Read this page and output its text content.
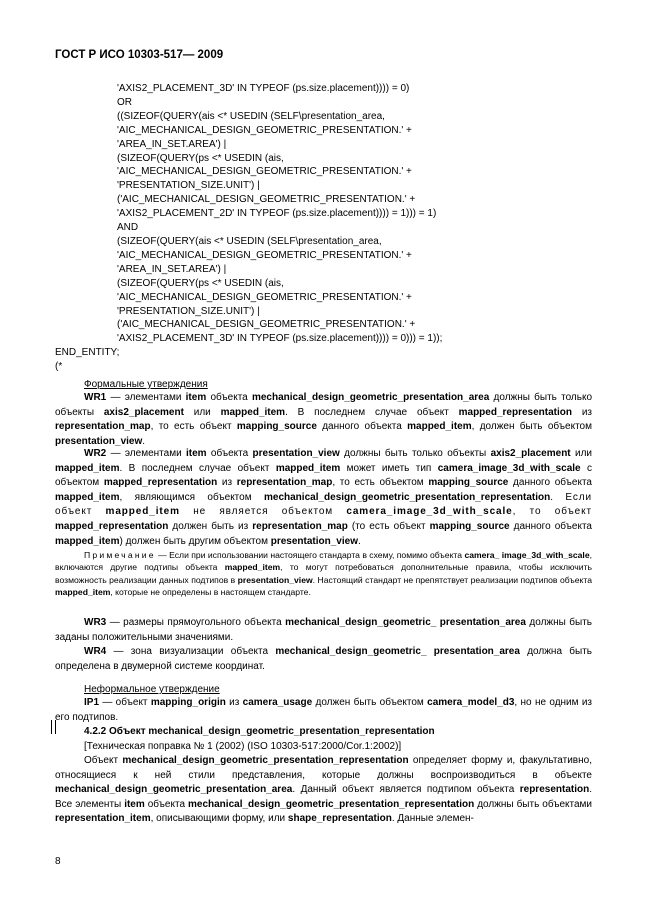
ГОСТ Р ИСО 10303-517— 2009
'AXIS2_PLACEMENT_3D' IN TYPEOF (ps.size.placement)))) = 0)
OR
((SIZEOF(QUERY(ais <* USEDIN (SELF\presentation_area,
'AIC_MECHANICAL_DESIGN_GEOMETRIC_PRESENTATION.' +
'AREA_IN_SET.AREA') |
(SIZEOF(QUERY(ps <* USEDIN (ais,
'AIC_MECHANICAL_DESIGN_GEOMETRIC_PRESENTATION.' +
'PRESENTATION_SIZE.UNIT') |
('AIC_MECHANICAL_DESIGN_GEOMETRIC_PRESENTATION.' +
'AXIS2_PLACEMENT_2D' IN TYPEOF (ps.size.placement)))) = 1))) = 1)
AND
(SIZEOF(QUERY(ais <* USEDIN (SELF\presentation_area,
'AIC_MECHANICAL_DESIGN_GEOMETRIC_PRESENTATION.' +
'AREA_IN_SET.AREA') |
(SIZEOF(QUERY(ps <* USEDIN (ais,
'AIC_MECHANICAL_DESIGN_GEOMETRIC_PRESENTATION.' +
'PRESENTATION_SIZE.UNIT') |
('AIC_MECHANICAL_DESIGN_GEOMETRIC_PRESENTATION.' +
'AXIS2_PLACEMENT_3D' IN TYPEOF (ps.size.placement)))) = 0))) = 1));
END_ENTITY;
(*
Формальные утверждения

WR1 — элементами item объекта mechanical_design_geometric_presentation_area должны быть только объекты axis2_placement или mapped_item. В последнем случае объект mapped_representation из representation_map, то есть объект mapping_source данного объекта mapped_item, должен быть объектом presentation_view.

WR2 — элементами item объекта presentation_view должны быть только объекты axis2_placement или mapped_item. В последнем случае объект mapped_item может иметь тип camera_image_3d_with_scale с объектом mapped_representation из representation_map, то есть объектом mapping_source данного объекта mapped_item, являющимся объектом mechanical_design_geometric_presentation_representation. Если объект mapped_item не является объектом camera_image_3d_with_scale, то объект mapped_representation должен быть из representation_map (то есть объект mapping_source данного объекта mapped_item) должен быть другим объектом presentation_view.

Примечание — Если при использовании настоящего стандарта в схему, помимо объекта camera_ image_3d_with_scale, включаются другие подтипы объекта mapped_item, то могут потребоваться дополнительные правила, чтобы исключить возможность реализации данных подтипов в presentation_view. Настоящий стандарт не препятствует реализации подтипов объекта mapped_item, которые не определены в настоящем стандарте.

WR3 — размеры прямоугольного объекта mechanical_design_geometric_ presentation_area должны быть заданы положительными значениями.

WR4 — зона визуализации объекта mechanical_design_geometric_ presentation_area должна быть определена в двумерной системе координат.

Неформальное утверждение

IP1 — объект mapping_origin из camera_usage должен быть объектом camera_model_d3, но не одним из его подтипов.

4.2.2 Объект mechanical_design_geometric_presentation_representation

[Техническая поправка № 1 (2002) (ISO 10303-517:2000/Cor.1:2002)]

Объект mechanical_design_geometric_presentation_representation определяет форму и, факультативно, относящиеся к ней стили представления, которые должны воспроизводиться в объекте mechanical_design_geometric_presentation_area. Данный объект является подтипом объекта representation. Все элементы item объекта mechanical_design_geometric_presentation_representation должны быть объектами representation_item, описывающими форму, или shape_representation. Данные элемен-

8
